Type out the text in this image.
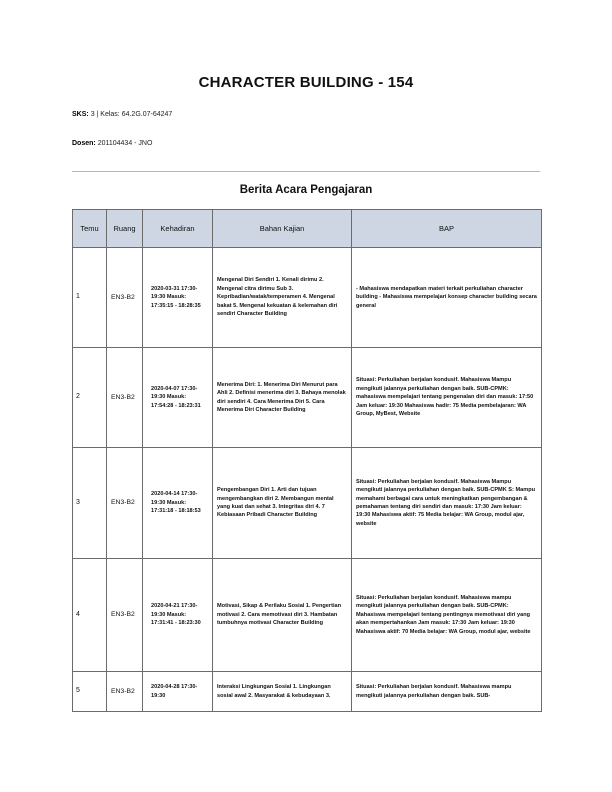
CHARACTER BUILDING - 154
SKS: 3 | Kelas: 64.2G.07-64247
Dosen: 201104434 - JNO
Berita Acara Pengajaran
Temu	Ruang	Kehadiran	Bahan Kajian	BAP
1	EN3-B2	2020-03-31 17:30-19:30 Masuk: 17:35:15 - 18:28:35	Mengenal Diri Sendiri 1. Kenali dirimu 2. Mengenal citra dirimu Sub 3. Kepribadian/watak/temperamen 4. Mengenal bakat 5. Mengenal kekuatan & kelemahan diri sendiri Character Building	- Mahasiswa mendapatkan materi terkait perkuliahan character building - Mahasiswa mempelajari konsep character building secara general
2	EN3-B2	2020-04-07 17:30-19:30 Masuk: 17:54:28 - 18:23:31	Menerima Diri: 1. Menerima Diri Menurut para Ahli 2. Definisi menerima diri 3. Bahaya menolak diri sendiri 4. Cara Menerima Diri 5. Cara Menerima Diri Character Building	Situasi: Perkuliahan berjalan kondusif. Mahasiswa Mampu mengikuti jalannya perkuliahan dengan baik. SUB-CPMK: mahasiswa mempelajari tentang pengenalan diri dan masuk: 17:50 Jam keluar: 19:30 Mahasiswa hadir: 75 Media pembelajaran: WA Group, MyBest, Website
3	EN3-B2	2020-04-14 17:30-19:30 Masuk: 17:31:18 - 18:18:53	Pengembangan Diri 1. Arti dan tujuan mengembangkan diri 2. Membangun mental yang kuat dan sehat 3. Integritas diri 4. 7 Kebiasaan Pribadi Character Building	Situasi: Perkuliahan berjalan kondusif. Mahasiswa Mampu mengikuti jalannya perkuliahan dengan baik. SUB-CPMK S: Mampu memahami berbagai cara untuk meningkatkan pengembangan & pemahaman tentang diri sendiri dan masuk: 17:30 Jam keluar: 19:30 Mahasiswa aktif: 75 Media belajar: WA Group, modul ajar, website
4	EN3-B2	2020-04-21 17:30-19:30 Masuk: 17:31:41 - 18:23:30	Motivasi, Sikap & Perilaku Sosial 1. Pengertian motivasi 2. Cara memotivasi diri 3. Hambatan tumbuhnya motivasi Character Building	Situasi: Perkuliahan berjalan kondusif. Mahasiswa mampu mengikuti jalannya perkuliahan dengan baik. SUB-CPMK: Mahasiswa mempelajari tentang pentingnya memotivasi diri yang akan mempertahankan Jam masuk: 17:30 Jam keluar: 19:30 Mahasiswa aktif: 70 Media belajar: WA Group, modul ajar, website
5	EN3-B2	2020-04-28 17:30-19:30	Interaksi Lingkungan Sosial 1. Lingkungan sosial awal 2. Masyarakat & kebudayaan 3.	Situasi: Perkuliahan berjalan kondusif. Mahasiswa mampu mengikuti jalannya perkuliahan dengan baik. SUB-
